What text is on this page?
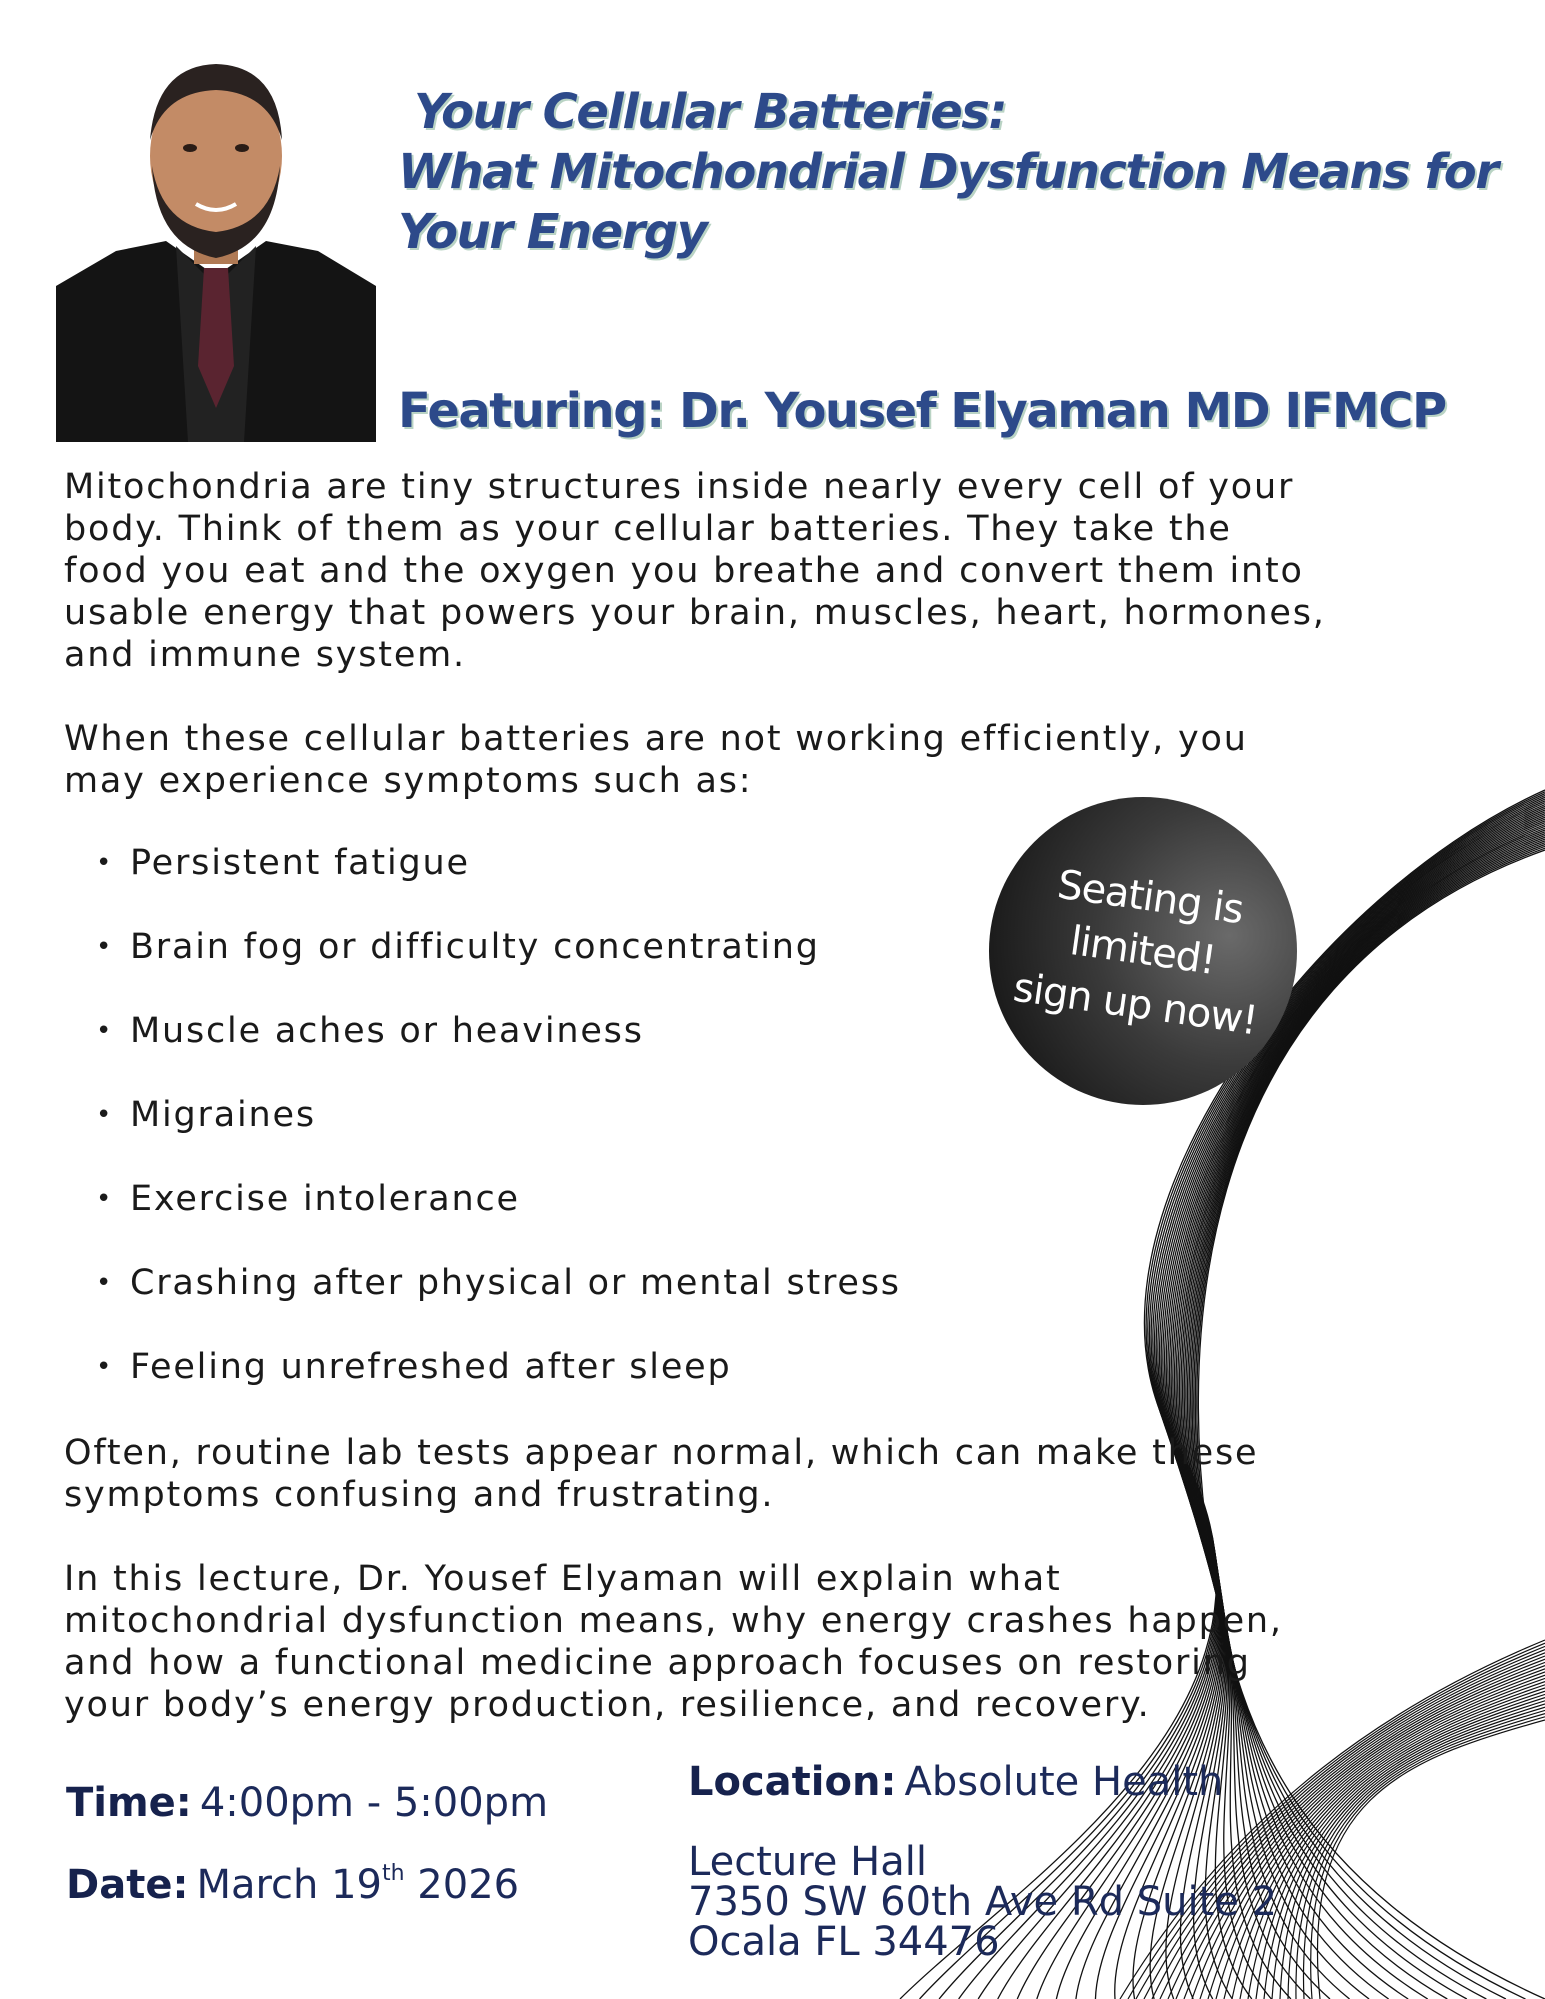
Your Cellular Batteries:
What Mitochondrial Dysfunction Means for
Your Energy
Featuring: Dr. Yousef Elyaman MD IFMCP
Mitochondria are tiny structures inside nearly every cell of your
body. Think of them as your cellular batteries. They take the
food you eat and the oxygen you breathe and convert them into
usable energy that powers your brain, muscles, heart, hormones,
and immune system.
When these cellular batteries are not working efficiently, you
may experience symptoms such as:
• Persistent fatigue
• Brain fog or difficulty concentrating
• Muscle aches or heaviness
• Migraines
• Exercise intolerance
• Crashing after physical or mental stress
• Feeling unrefreshed after sleep
Seating is
limited!
sign up now!
Often, routine lab tests appear normal, which can make these
symptoms confusing and frustrating.
In this lecture, Dr. Yousef Elyaman will explain what
mitochondrial dysfunction means, why energy crashes happen,
and how a functional medicine approach focuses on restoring
your body’s energy production, resilience, and recovery.
Time: 4:00pm - 5:00pm
Date: March 19th 2026
Location: Absolute Health
Lecture Hall
7350 SW 60th Ave Rd Suite 2
Ocala FL 34476
